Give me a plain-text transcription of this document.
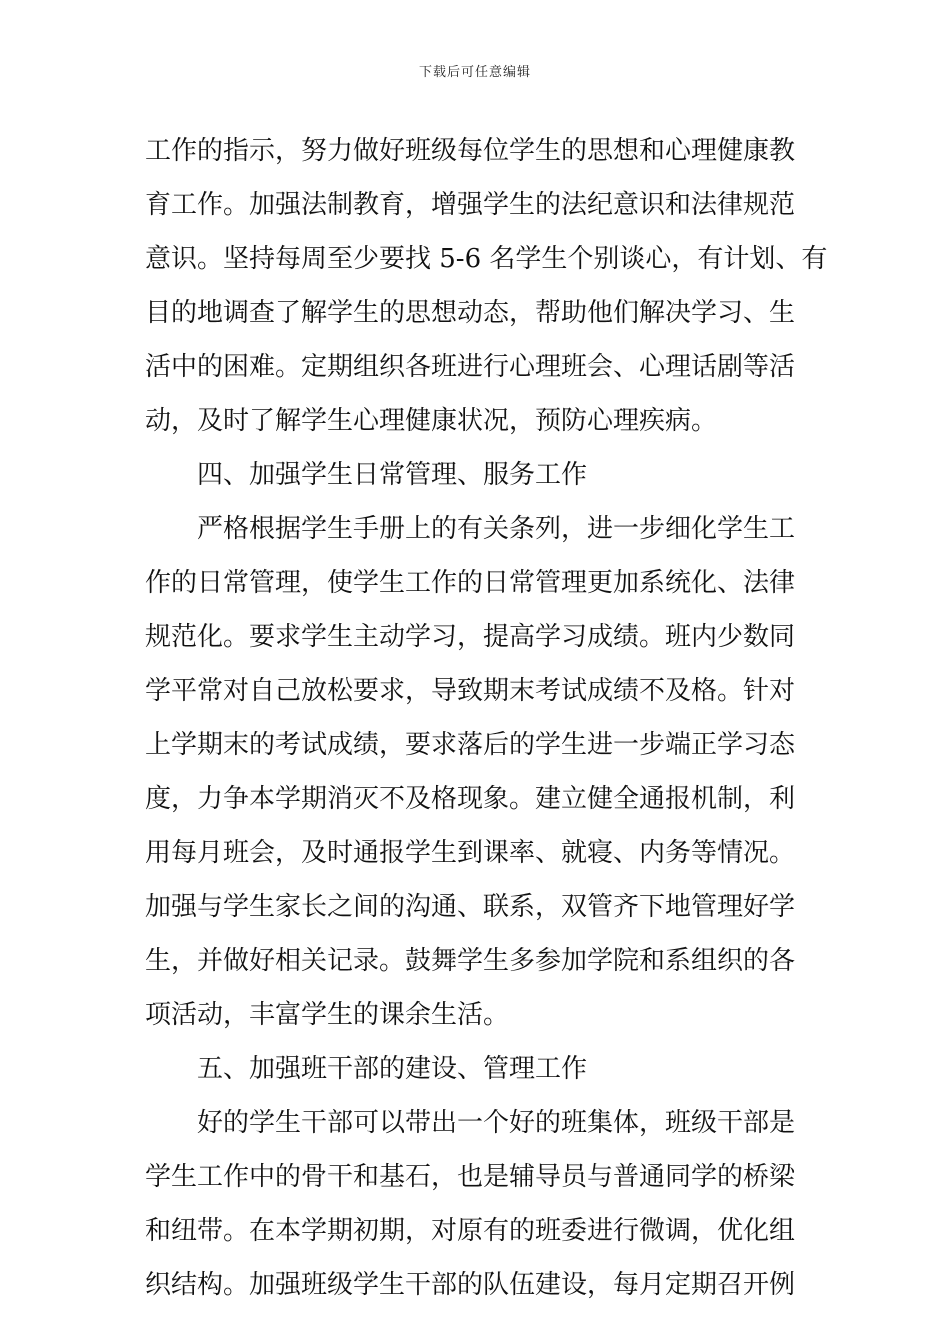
下载后可任意编辑
工作的指示，努力做好班级每位学生的思想和心理健康教
育工作。加强法制教育，增强学生的法纪意识和法律规范
意识。坚持每周至少要找 5-6 名学生个别谈心，有计划、有
目的地调查了解学生的思想动态，帮助他们解决学习、生
活中的困难。定期组织各班进行心理班会、心理话剧等活
动，及时了解学生心理健康状况，预防心理疾病。
四、加强学生日常管理、服务工作
严格根据学生手册上的有关条列，进一步细化学生工
作的日常管理，使学生工作的日常管理更加系统化、法律
规范化。要求学生主动学习，提高学习成绩。班内少数同
学平常对自己放松要求，导致期末考试成绩不及格。针对
上学期末的考试成绩，要求落后的学生进一步端正学习态
度，力争本学期消灭不及格现象。建立健全通报机制，利
用每月班会，及时通报学生到课率、就寝、内务等情况。
加强与学生家长之间的沟通、联系，双管齐下地管理好学
生，并做好相关记录。鼓舞学生多参加学院和系组织的各
项活动，丰富学生的课余生活。
五、加强班干部的建设、管理工作
好的学生干部可以带出一个好的班集体，班级干部是
学生工作中的骨干和基石，也是辅导员与普通同学的桥梁
和纽带。在本学期初期，对原有的班委进行微调，优化组
织结构。加强班级学生干部的队伍建设，每月定期召开例
